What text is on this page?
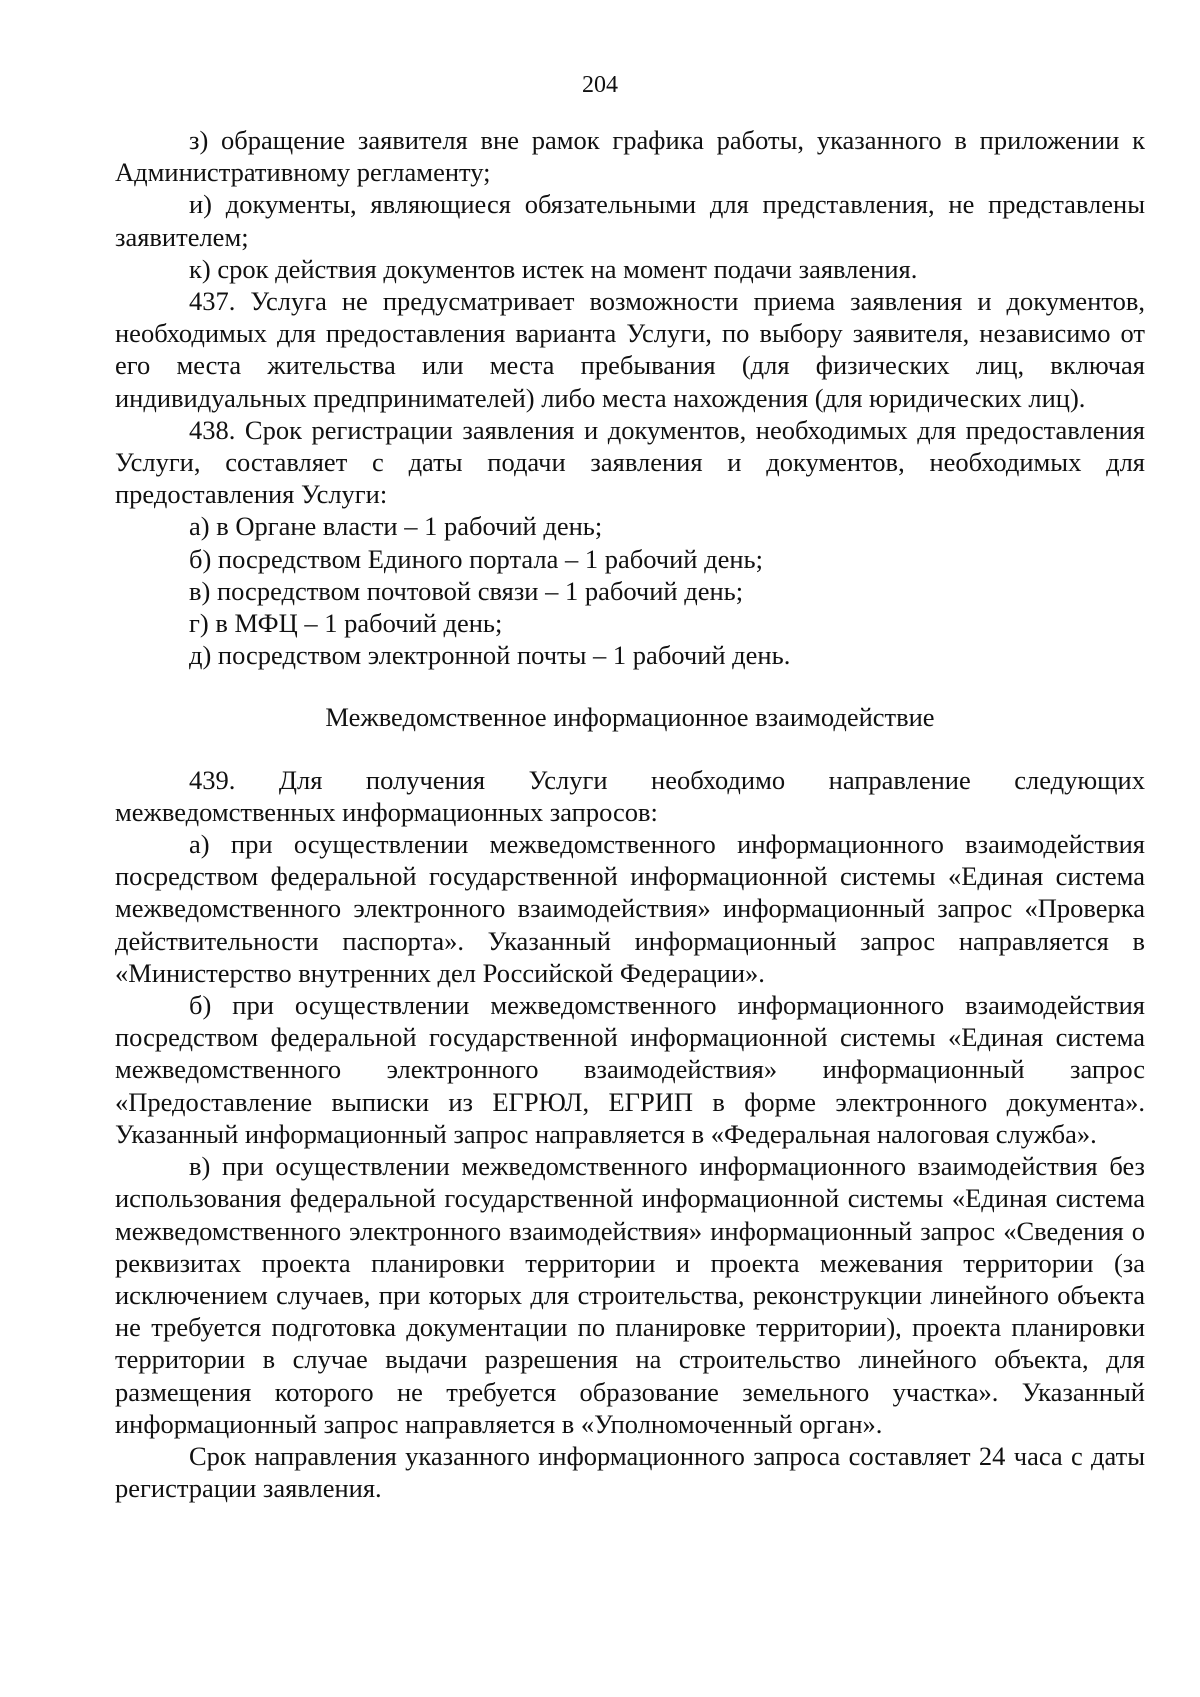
204

з) обращение заявителя вне рамок графика работы, указанного в приложении к Административному регламенту;

и) документы, являющиеся обязательными для представления, не представлены заявителем;

к) срок действия документов истек на момент подачи заявления.

437. Услуга не предусматривает возможности приема заявления и документов, необходимых для предоставления варианта Услуги, по выбору заявителя, независимо от его места жительства или места пребывания (для физических лиц, включая индивидуальных предпринимателей) либо места нахождения (для юридических лиц).

438. Срок регистрации заявления и документов, необходимых для предоставления Услуги, составляет с даты подачи заявления и документов, необходимых для предоставления Услуги:

а) в Органе власти – 1 рабочий день;

б) посредством Единого портала – 1 рабочий день;

в) посредством почтовой связи – 1 рабочий день;

г) в МФЦ – 1 рабочий день;

д) посредством электронной почты – 1 рабочий день.

Межведомственное информационное взаимодействие

439. Для получения Услуги необходимо направление следующих межведомственных информационных запросов:

а) при осуществлении межведомственного информационного взаимодействия посредством федеральной государственной информационной системы «Единая система межведомственного электронного взаимодействия» информационный запрос «Проверка действительности паспорта». Указанный информационный запрос направляется в «Министерство внутренних дел Российской Федерации».

б) при осуществлении межведомственного информационного взаимодействия посредством федеральной государственной информационной системы «Единая система межведомственного электронного взаимодействия» информационный запрос «Предоставление выписки из ЕГРЮЛ, ЕГРИП в форме электронного документа». Указанный информационный запрос направляется в «Федеральная налоговая служба».

в) при осуществлении межведомственного информационного взаимодействия без использования федеральной государственной информационной системы «Единая система межведомственного электронного взаимодействия» информационный запрос «Сведения о реквизитах проекта планировки территории и проекта межевания территории (за исключением случаев, при которых для строительства, реконструкции линейного объекта не требуется подготовка документации по планировке территории), проекта планировки территории в случае выдачи разрешения на строительство линейного объекта, для размещения которого не требуется образование земельного участка». Указанный информационный запрос направляется в «Уполномоченный орган».

Срок направления указанного информационного запроса составляет 24 часа с даты регистрации заявления.
